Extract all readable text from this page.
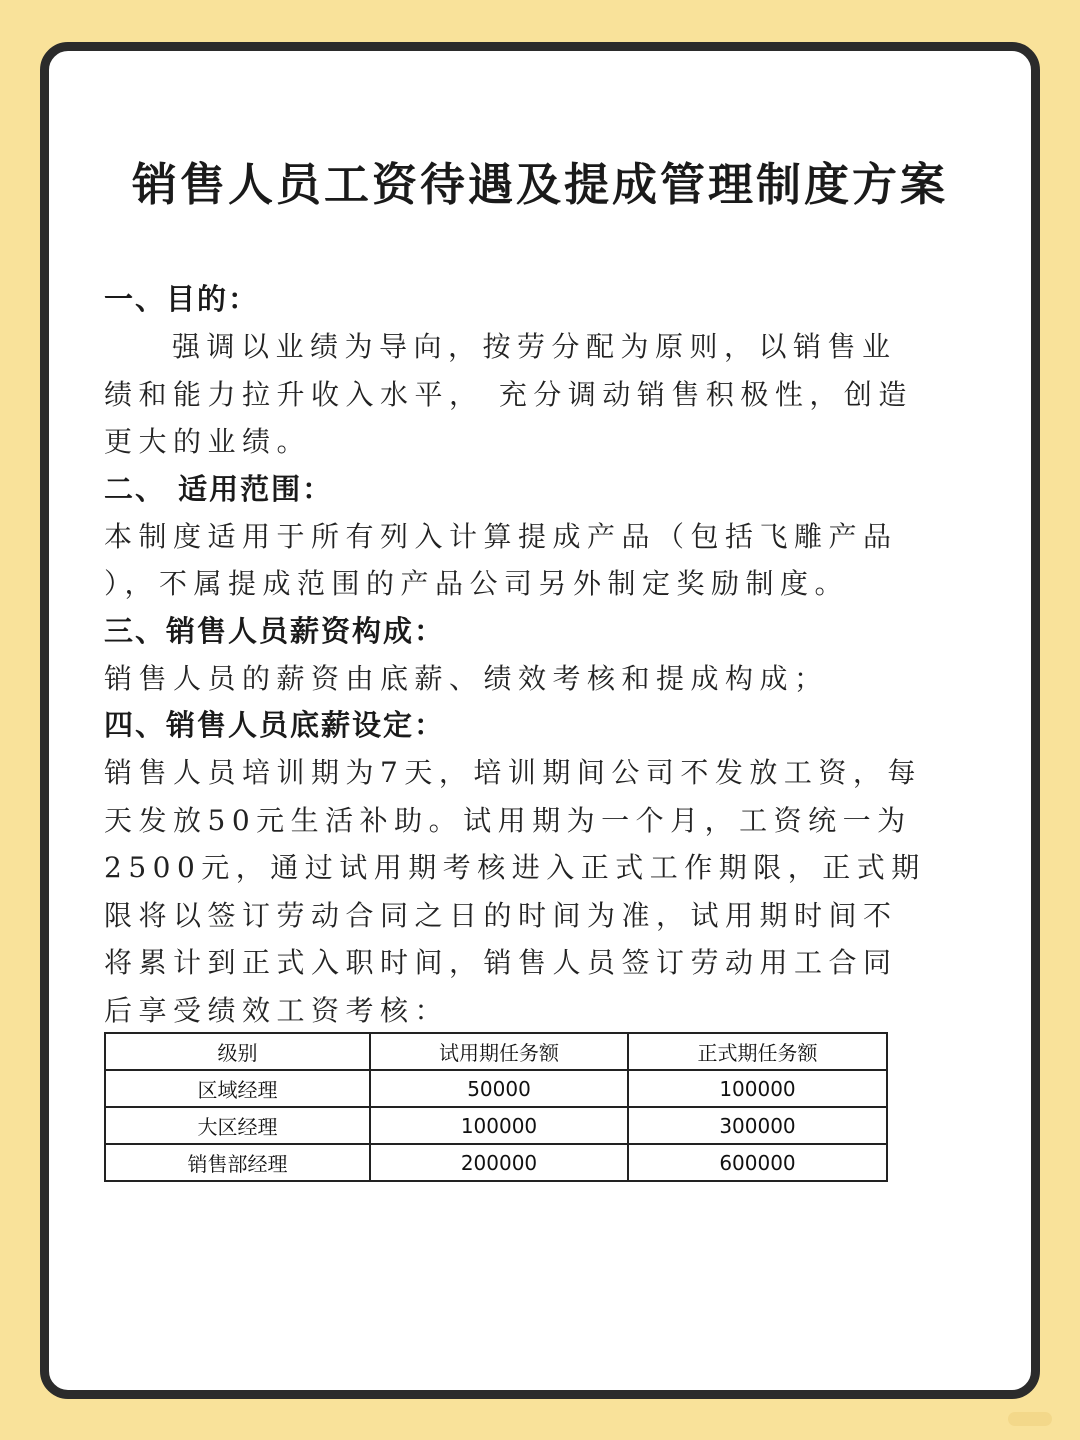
销售人员工资待遇及提成管理制度方案
一、目的：
强调以业绩为导向，按劳分配为原则，以销售业
绩和能力拉升收入水平， 充分调动销售积极性，创造
更大的业绩。
二、 适用范围：
本制度适用于所有列入计算提成产品（包括飞雕产品
），不属提成范围的产品公司另外制定奖励制度。
三、销售人员薪资构成：
销售人员的薪资由底薪、绩效考核和提成构成；
四、销售人员底薪设定：
销售人员培训期为7天，培训期间公司不发放工资，每
天发放50元生活补助。试用期为一个月，工资统一为
2500元，通过试用期考核进入正式工作期限，正式期
限将以签订劳动合同之日的时间为准，试用期时间不
将累计到正式入职时间，销售人员签订劳动用工合同
后享受绩效工资考核：
级别	试用期任务额	正式期任务额
区域经理	50000	100000
大区经理	100000	300000
销售部经理	200000	600000
